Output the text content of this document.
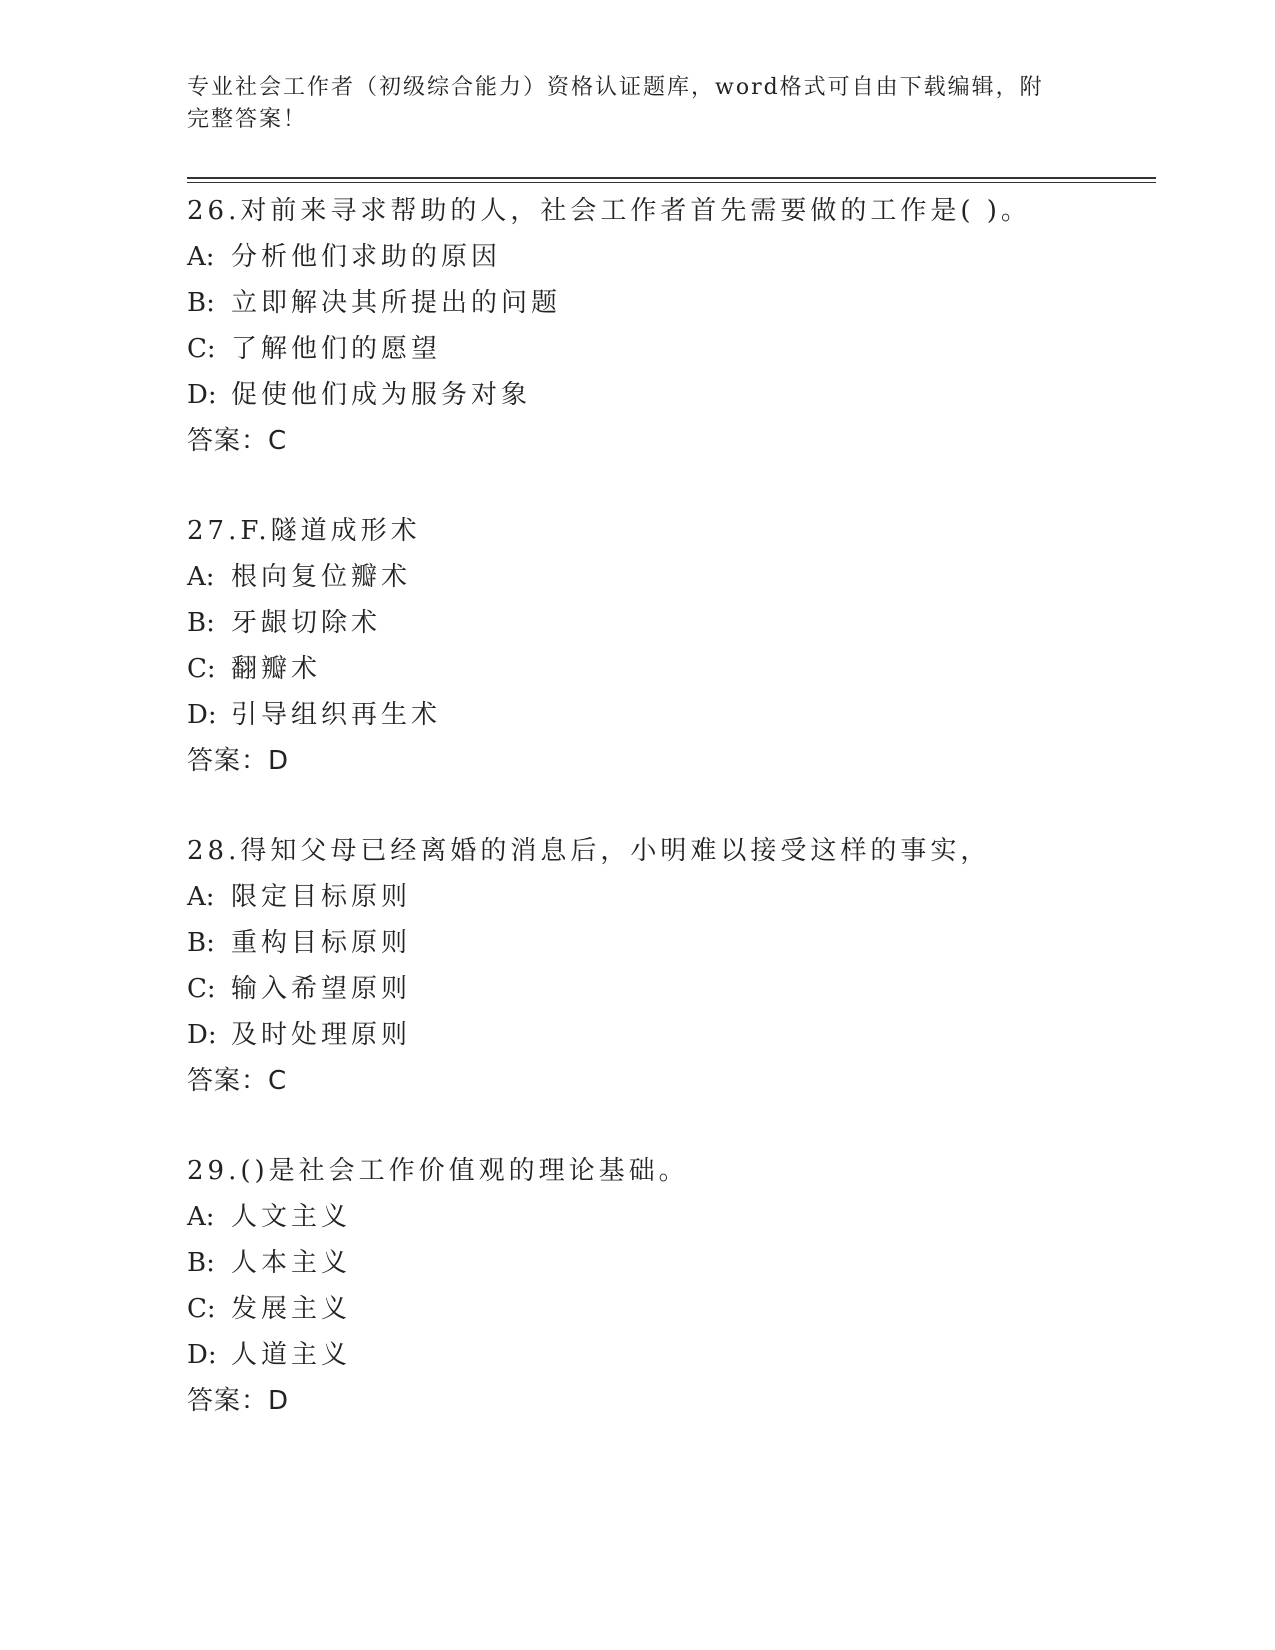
专业社会工作者（初级综合能力）资格认证题库，word格式可自由下载编辑，附
完整答案！
26.对前来寻求帮助的人，社会工作者首先需要做的工作是( )。
A: 分析他们求助的原因
B: 立即解决其所提出的问题
C: 了解他们的愿望
D: 促使他们成为服务对象
答案：C
27.F.隧道成形术
A: 根向复位瓣术
B: 牙龈切除术
C: 翻瓣术
D: 引导组织再生术
答案：D
28.得知父母已经离婚的消息后，小明难以接受这样的事实，
A: 限定目标原则
B: 重构目标原则
C: 输入希望原则
D: 及时处理原则
答案：C
29.()是社会工作价值观的理论基础。
A: 人文主义
B: 人本主义
C: 发展主义
D: 人道主义
答案：D
